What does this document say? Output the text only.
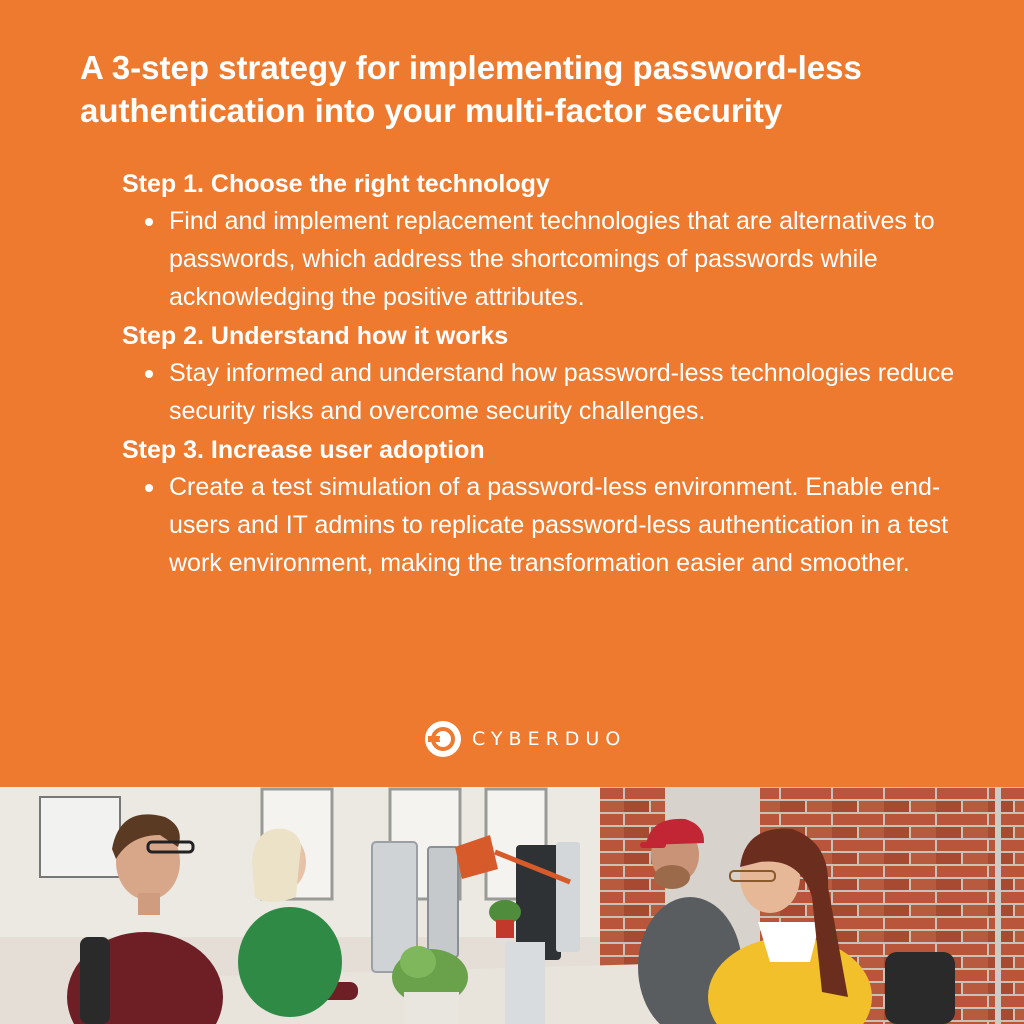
A 3-step strategy for implementing password-less authentication into your multi-factor security
Step 1. Choose the right technology
Find and implement replacement technologies that are alternatives to passwords, which address the shortcomings of passwords while acknowledging the positive attributes.
Step 2. Understand how it works
Stay informed and understand how password-less technologies reduce security risks and overcome security challenges.
Step 3. Increase user adoption
Create a test simulation of a password-less environment. Enable end-users and IT admins to replicate password-less authentication in a test work environment, making the transformation easier and smoother.
CYBERDUO
